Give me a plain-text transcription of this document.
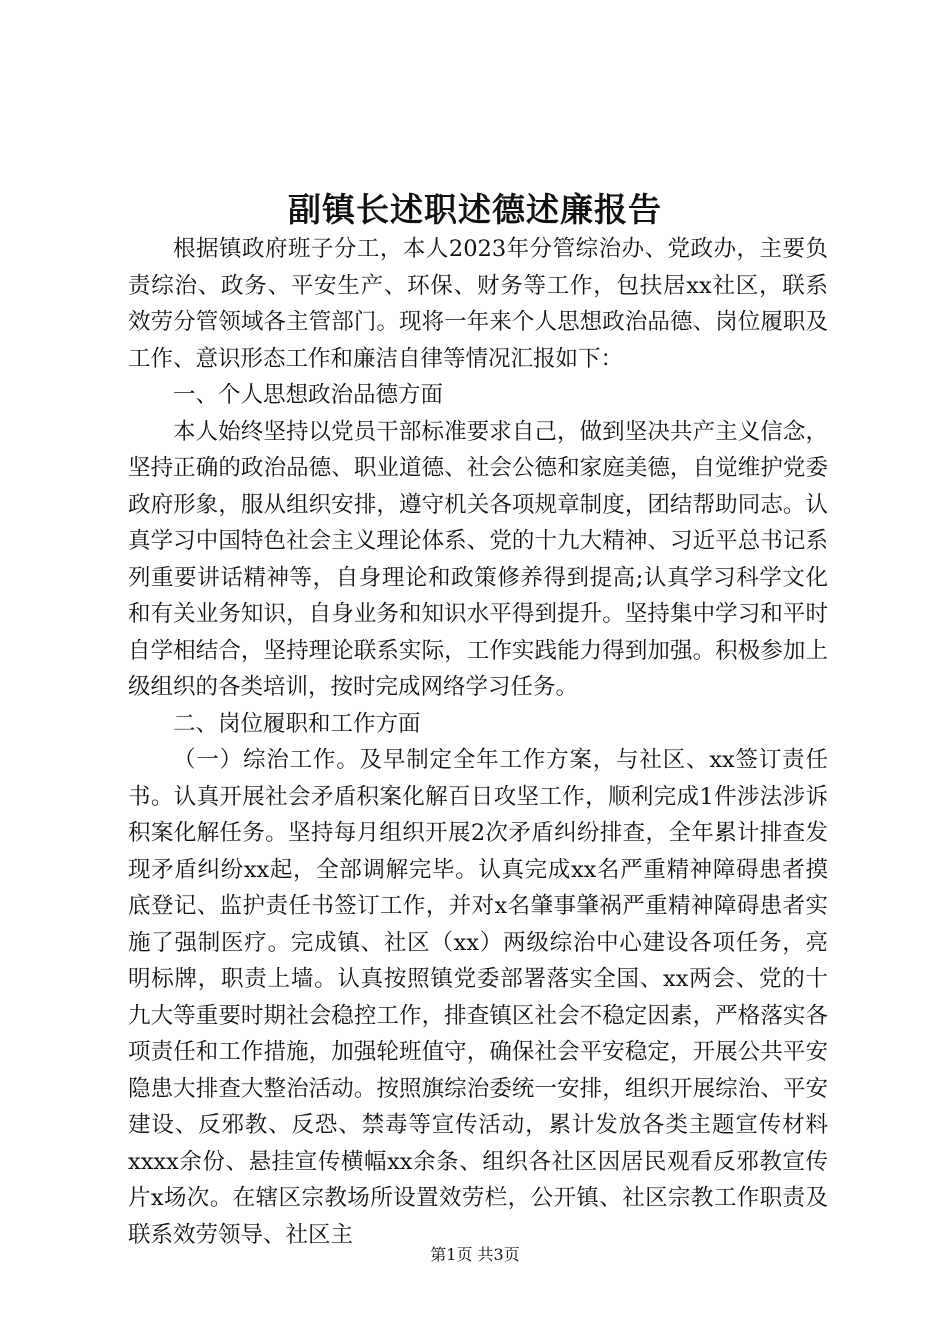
副镇长述职述德述廉报告

根据镇政府班子分工，本人2023年分管综治办、党政办，主要负责综治、政务、平安生产、环保、财务等工作，包扶居xx社区，联系效劳分管领域各主管部门。现将一年来个人思想政治品德、岗位履职及工作、意识形态工作和廉洁自律等情况汇报如下：

一、个人思想政治品德方面

本人始终坚持以党员干部标准要求自己，做到坚决共产主义信念，坚持正确的政治品德、职业道德、社会公德和家庭美德，自觉维护党委政府形象，服从组织安排，遵守机关各项规章制度，团结帮助同志。认真学习中国特色社会主义理论体系、党的十九大精神、习近平总书记系列重要讲话精神等，自身理论和政策修养得到提高;认真学习科学文化和有关业务知识，自身业务和知识水平得到提升。坚持集中学习和平时自学相结合，坚持理论联系实际，工作实践能力得到加强。积极参加上级组织的各类培训，按时完成网络学习任务。

二、岗位履职和工作方面

（一）综治工作。及早制定全年工作方案，与社区、xx签订责任书。认真开展社会矛盾积案化解百日攻坚工作，顺利完成1件涉法涉诉积案化解任务。坚持每月组织开展2次矛盾纠纷排查，全年累计排查发现矛盾纠纷xx起，全部调解完毕。认真完成xx名严重精神障碍患者摸底登记、监护责任书签订工作，并对x名肇事肇祸严重精神障碍患者实施了强制医疗。完成镇、社区（xx）两级综治中心建设各项任务，亮明标牌，职责上墙。认真按照镇党委部署落实全国、xx两会、党的十九大等重要时期社会稳控工作，排查镇区社会不稳定因素，严格落实各项责任和工作措施，加强轮班值守，确保社会平安稳定，开展公共平安隐患大排查大整治活动。按照旗综治委统一安排，组织开展综治、平安建设、反邪教、反恐、禁毒等宣传活动，累计发放各类主题宣传材料xxxx余份、悬挂宣传横幅xx余条、组织各社区因居民观看反邪教宣传片x场次。在辖区宗教场所设置效劳栏，公开镇、社区宗教工作职责及联系效劳领导、社区主

第1页 共3页
